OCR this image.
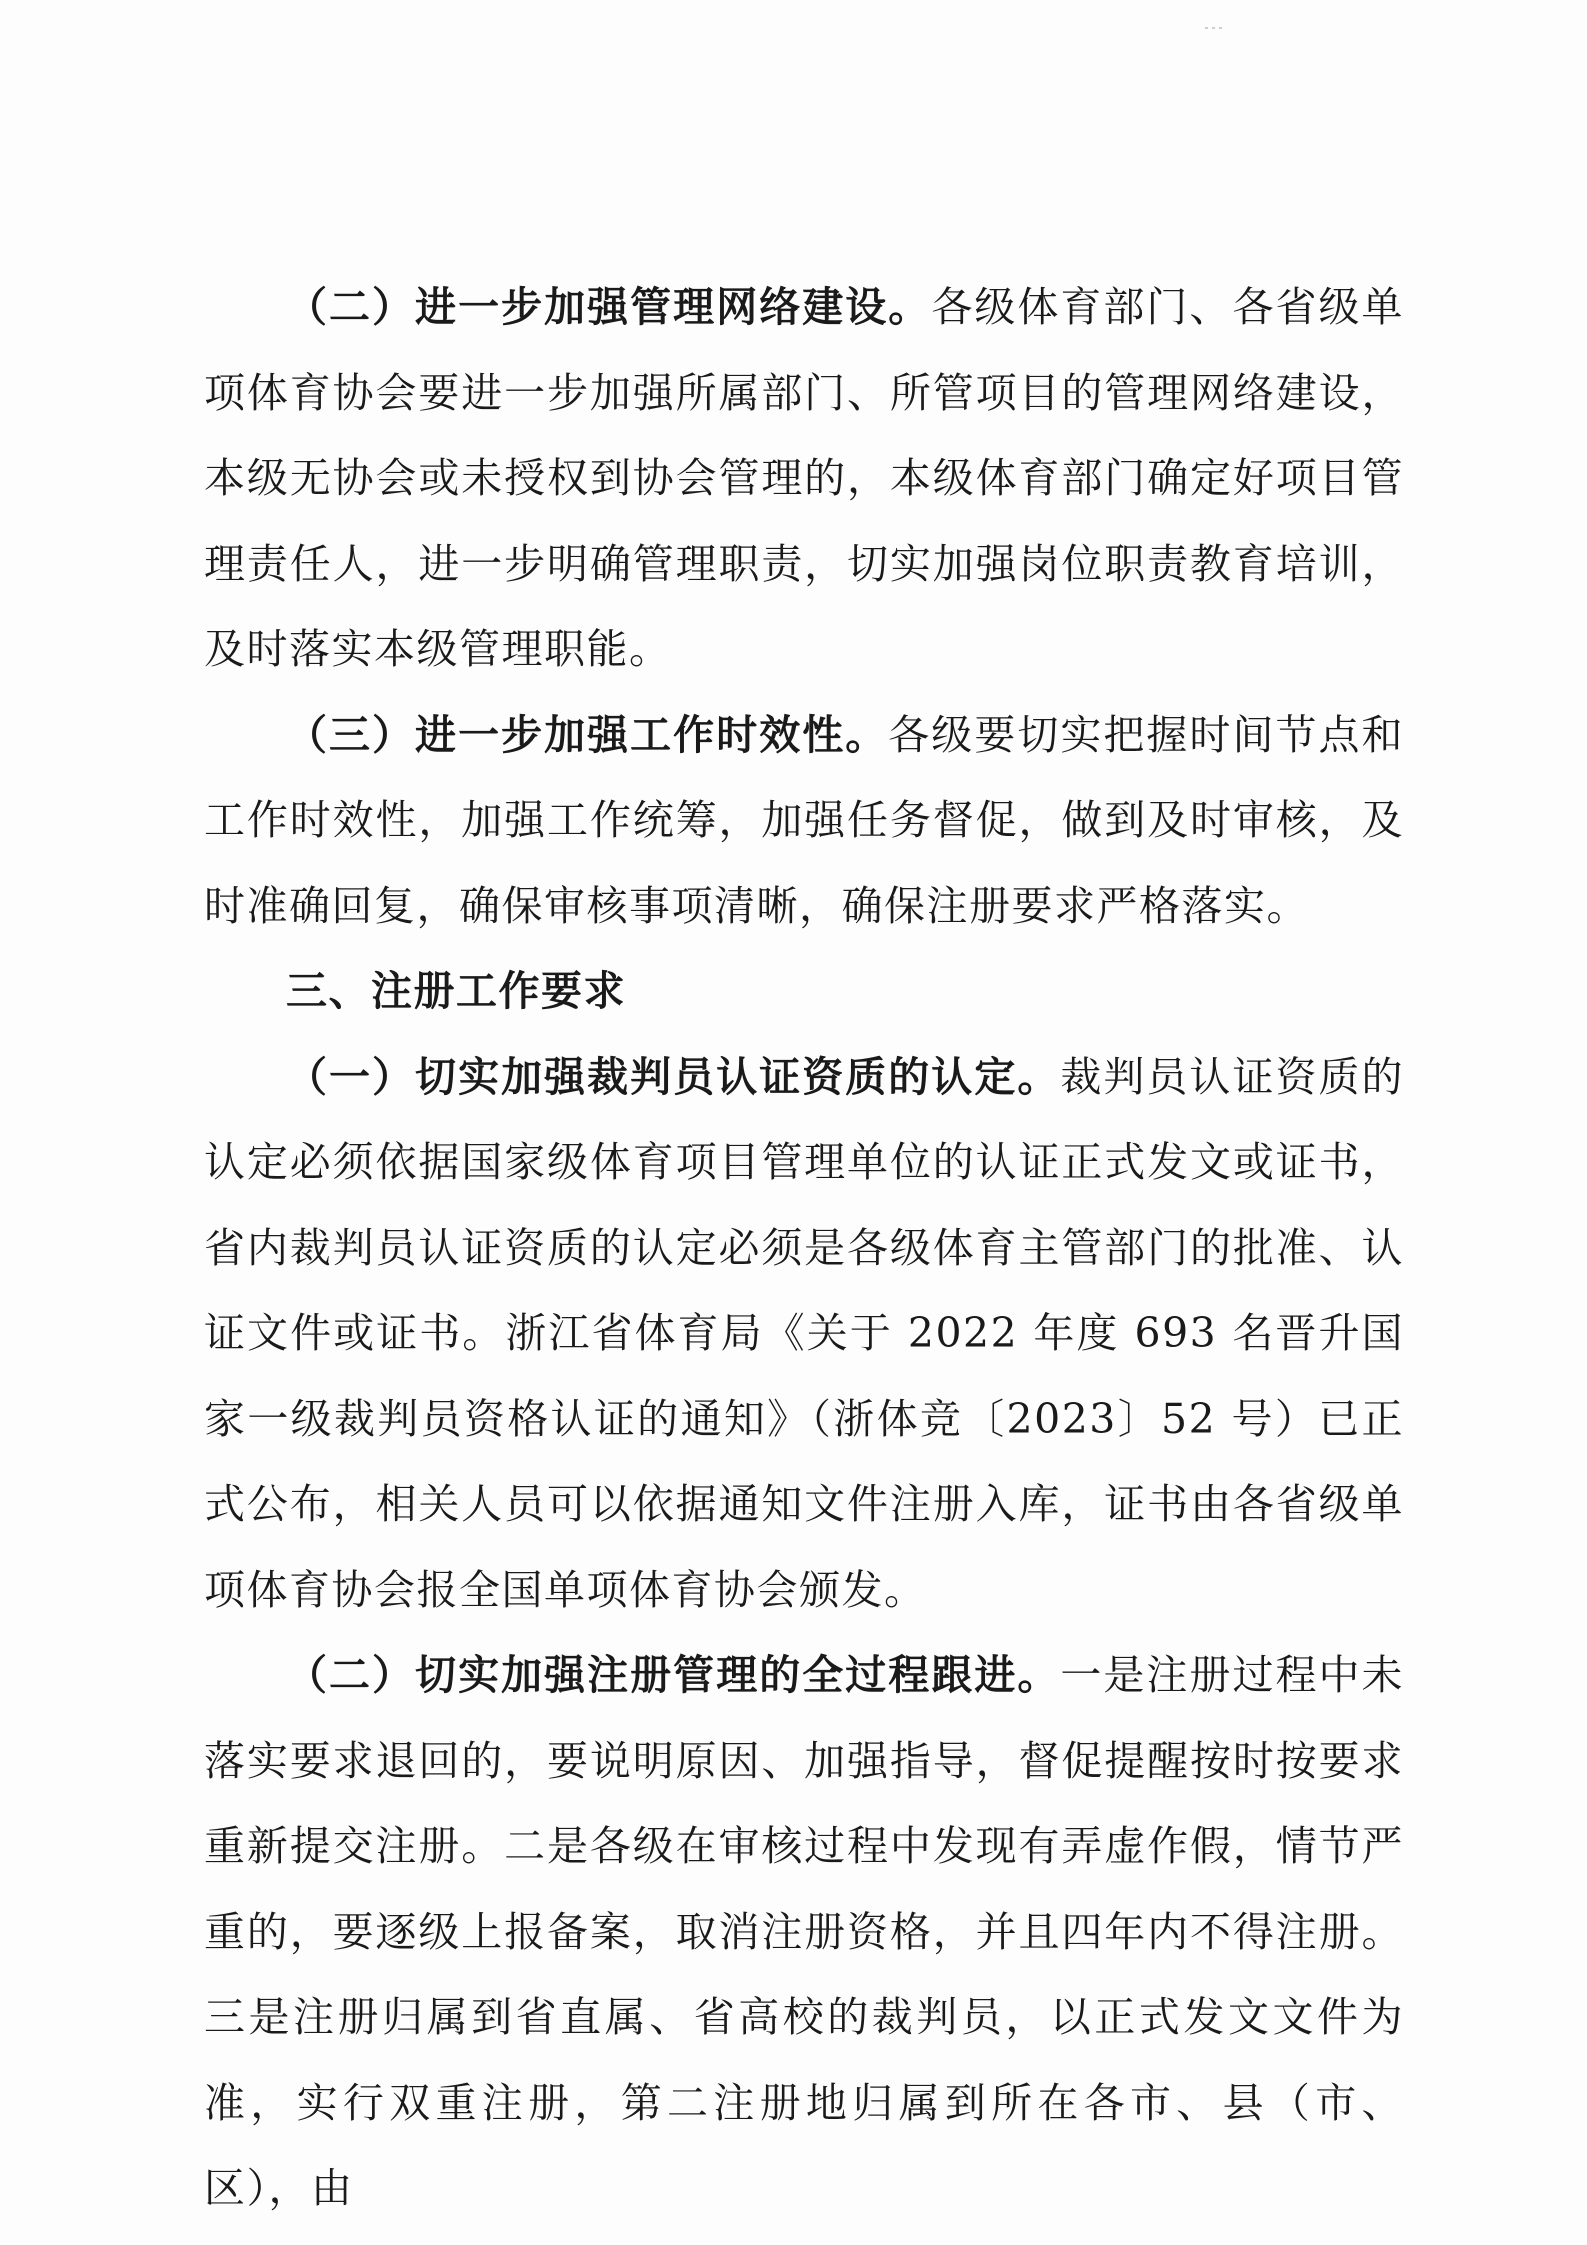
（二）进一步加强管理网络建设。各级体育部门、各省级单项体育协会要进一步加强所属部门、所管项目的管理网络建设，本级无协会或未授权到协会管理的，本级体育部门确定好项目管理责任人，进一步明确管理职责，切实加强岗位职责教育培训，及时落实本级管理职能。

（三）进一步加强工作时效性。各级要切实把握时间节点和工作时效性，加强工作统筹，加强任务督促，做到及时审核，及时准确回复，确保审核事项清晰，确保注册要求严格落实。

三、注册工作要求

（一）切实加强裁判员认证资质的认定。裁判员认证资质的认定必须依据国家级体育项目管理单位的认证正式发文或证书，省内裁判员认证资质的认定必须是各级体育主管部门的批准、认证文件或证书。浙江省体育局《关于 2022 年度 693 名晋升国家一级裁判员资格认证的通知》（浙体竞〔2023〕52 号）已正式公布，相关人员可以依据通知文件注册入库，证书由各省级单项体育协会报全国单项体育协会颁发。

（二）切实加强注册管理的全过程跟进。一是注册过程中未落实要求退回的，要说明原因、加强指导，督促提醒按时按要求重新提交注册。二是各级在审核过程中发现有弄虚作假，情节严重的，要逐级上报备案，取消注册资格，并且四年内不得注册。三是注册归属到省直属、省高校的裁判员，以正式发文文件为准，实行双重注册，第二注册地归属到所在各市、县（市、区），由
